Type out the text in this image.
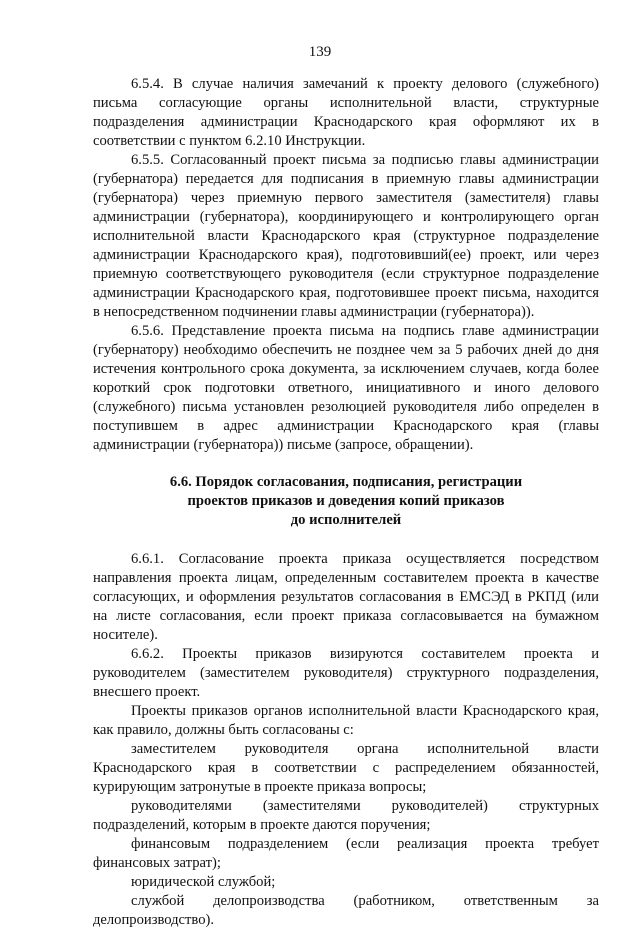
139

6.5.4. В случае наличия замечаний к проекту делового (служебного) письма согласующие органы исполнительной власти, структурные подразделения администрации Краснодарского края оформляют их в соответствии с пунктом 6.2.10 Инструкции.

6.5.5. Согласованный проект письма за подписью главы администрации (губернатора) передается для подписания в приемную главы администрации (губернатора) через приемную первого заместителя (заместителя) главы администрации (губернатора), координирующего и контролирующего орган исполнительной власти Краснодарского края (структурное подразделение администрации Краснодарского края), подготовивший(ее) проект, или через приемную соответствующего руководителя (если структурное подразделение администрации Краснодарского края, подготовившее проект письма, находится в непосредственном подчинении главы администрации (губернатора)).

6.5.6. Представление проекта письма на подпись главе администрации (губернатору) необходимо обеспечить не позднее чем за 5 рабочих дней до дня истечения контрольного срока документа, за исключением случаев, когда более короткий срок подготовки ответного, инициативного и иного делового (служебного) письма установлен резолюцией руководителя либо определен в поступившем в адрес администрации Краснодарского края (главы администрации (губернатора)) письме (запросе, обращении).

6.6. Порядок согласования, подписания, регистрации
проектов приказов и доведения копий приказов
до исполнителей

6.6.1. Согласование проекта приказа осуществляется посредством направления проекта лицам, определенным составителем проекта в качестве согласующих, и оформления результатов согласования в ЕМСЭД в РКПД (или на листе согласования, если проект приказа согласовывается на бумажном носителе).

6.6.2. Проекты приказов визируются составителем проекта и руководителем (заместителем руководителя) структурного подразделения, внесшего проект.

Проекты приказов органов исполнительной власти Краснодарского края, как правило, должны быть согласованы с:

заместителем руководителя органа исполнительной власти Краснодарского края в соответствии с распределением обязанностей, курирующим затронутые в проекте приказа вопросы;

руководителями (заместителями руководителей) структурных подразделений, которым в проекте даются поручения;

финансовым подразделением (если реализация проекта требует финансовых затрат);

юридической службой;

службой делопроизводства (работником, ответственным за делопроизводство).
